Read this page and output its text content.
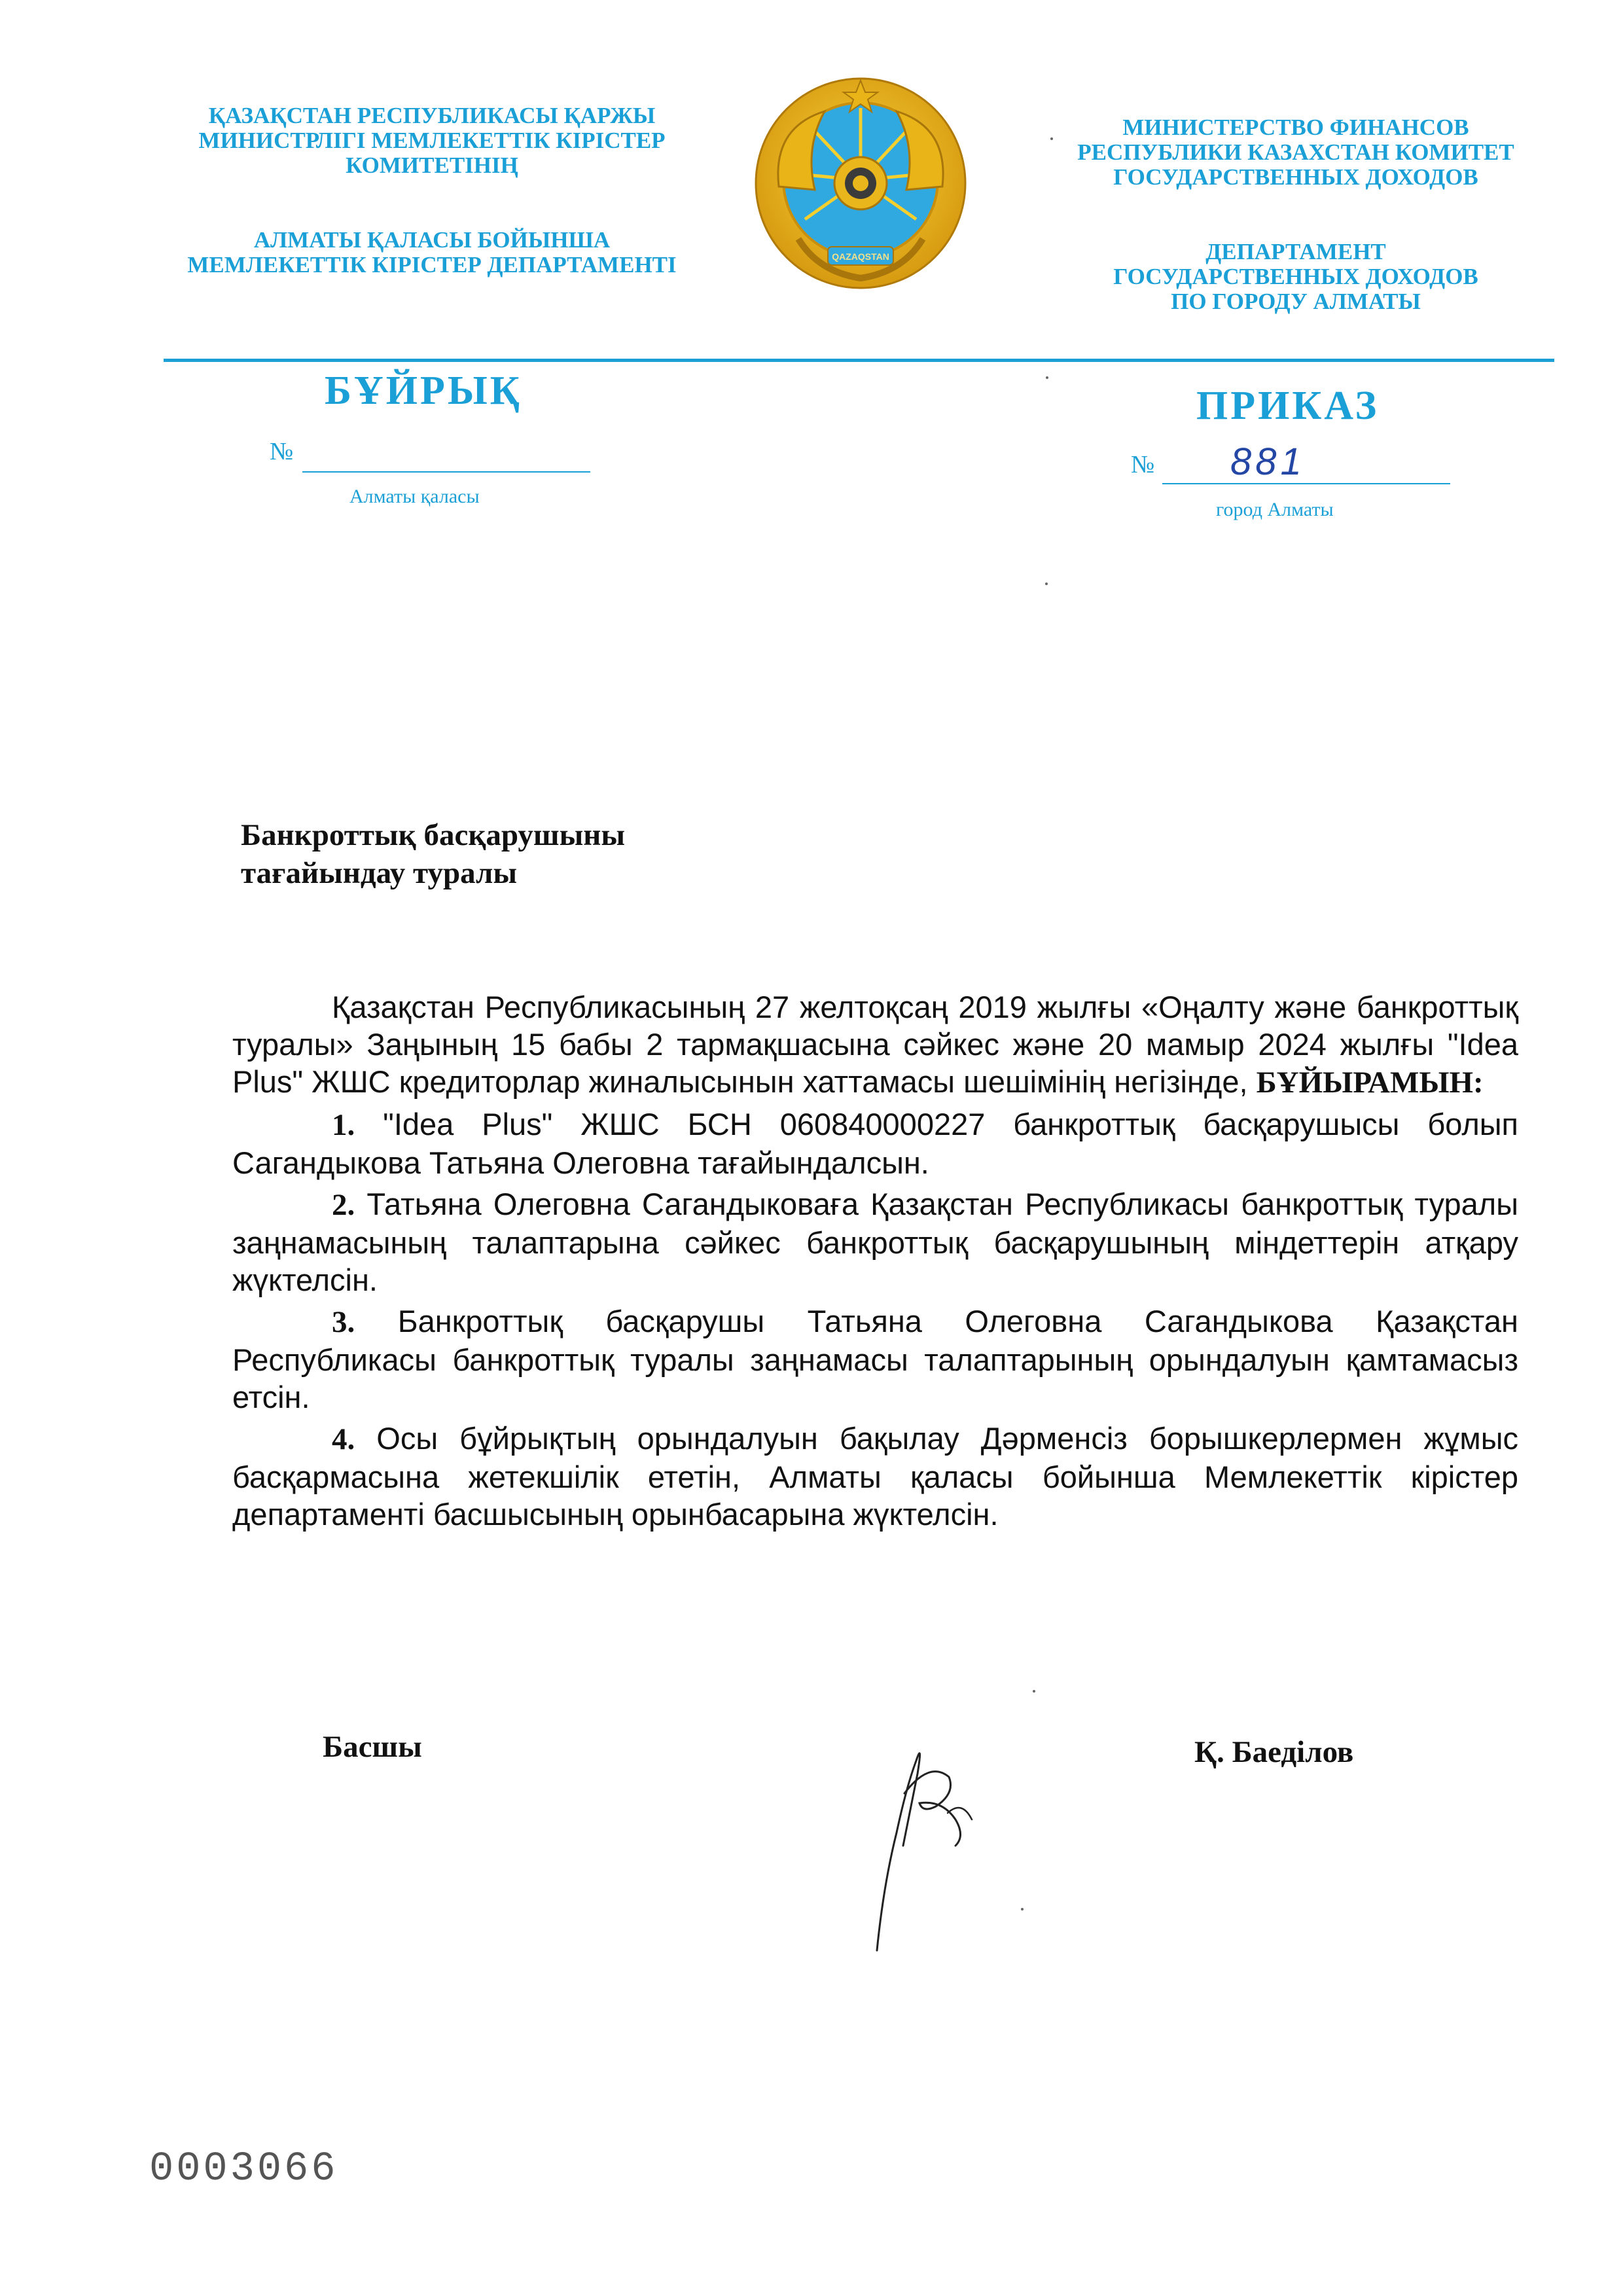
ҚАЗАҚСТАН РЕСПУБЛИКАСЫ ҚАРЖЫ

МИНИСТРЛІГІ МЕМЛЕКЕТТІК КІРІСТЕР

КОМИТЕТІНІҢ

АЛМАТЫ ҚАЛАСЫ БОЙЫНША

МЕМЛЕКЕТТІК КІРІСТЕР ДЕПАРТАМЕНТІ	QAZAQSTAN

МИНИСТЕРСТВО ФИНАНСОВ

РЕСПУБЛИКИ КАЗАХСТАН КОМИТЕТ

ГОСУДАРСТВЕННЫХ ДОХОДОВ

ДЕПАРТАМЕНТ

ГОСУДАРСТВЕННЫХ ДОХОДОВ

ПО ГОРОДУ АЛМАТЫ

БҰЙРЫҚ	ПРИКАЗ
№
Алматы қаласы
№ 881
город Алматы

Банкроттық басқарушыны

тағайындау туралы

Қазақстан Республикасының 27 желтоқсаң 2019 жылғы «Оңалту және банкроттық туралы» Заңының 15 бабы 2 тармақшасына сәйкес және 20 мамыр 2024 жылғы "Idea Plus" ЖШС кредиторлар жиналысынын хаттамасы шешімінің негізінде, БҰЙЫРАМЫН:

1. "Idea Plus" ЖШС БСН 060840000227 банкроттық басқарушысы болып Сагандыкова Татьяна Олеговна тағайындалсын.

2. Татьяна Олеговна Сагандыковаға Қазақстан Республикасы банкроттық туралы заңнамасының талаптарына сәйкес банкроттық басқарушының міндеттерін атқару жүктелсін.

3. Банкроттық басқарушы Татьяна Олеговна Сагандыкова Қазақстан Республикасы банкроттық туралы заңнамасы талаптарының орындалуын қамтамасыз етсін.

4. Осы бұйрықтың орындалуын бақылау Дәрменсіз борышкерлермен жұмыс басқармасына жетекшілік ететін, Алматы қаласы бойынша Мемлекеттік кірістер департаменті басшысының орынбасарына жүктелсін.

Басшы	Қ. Баеділов
0003066
